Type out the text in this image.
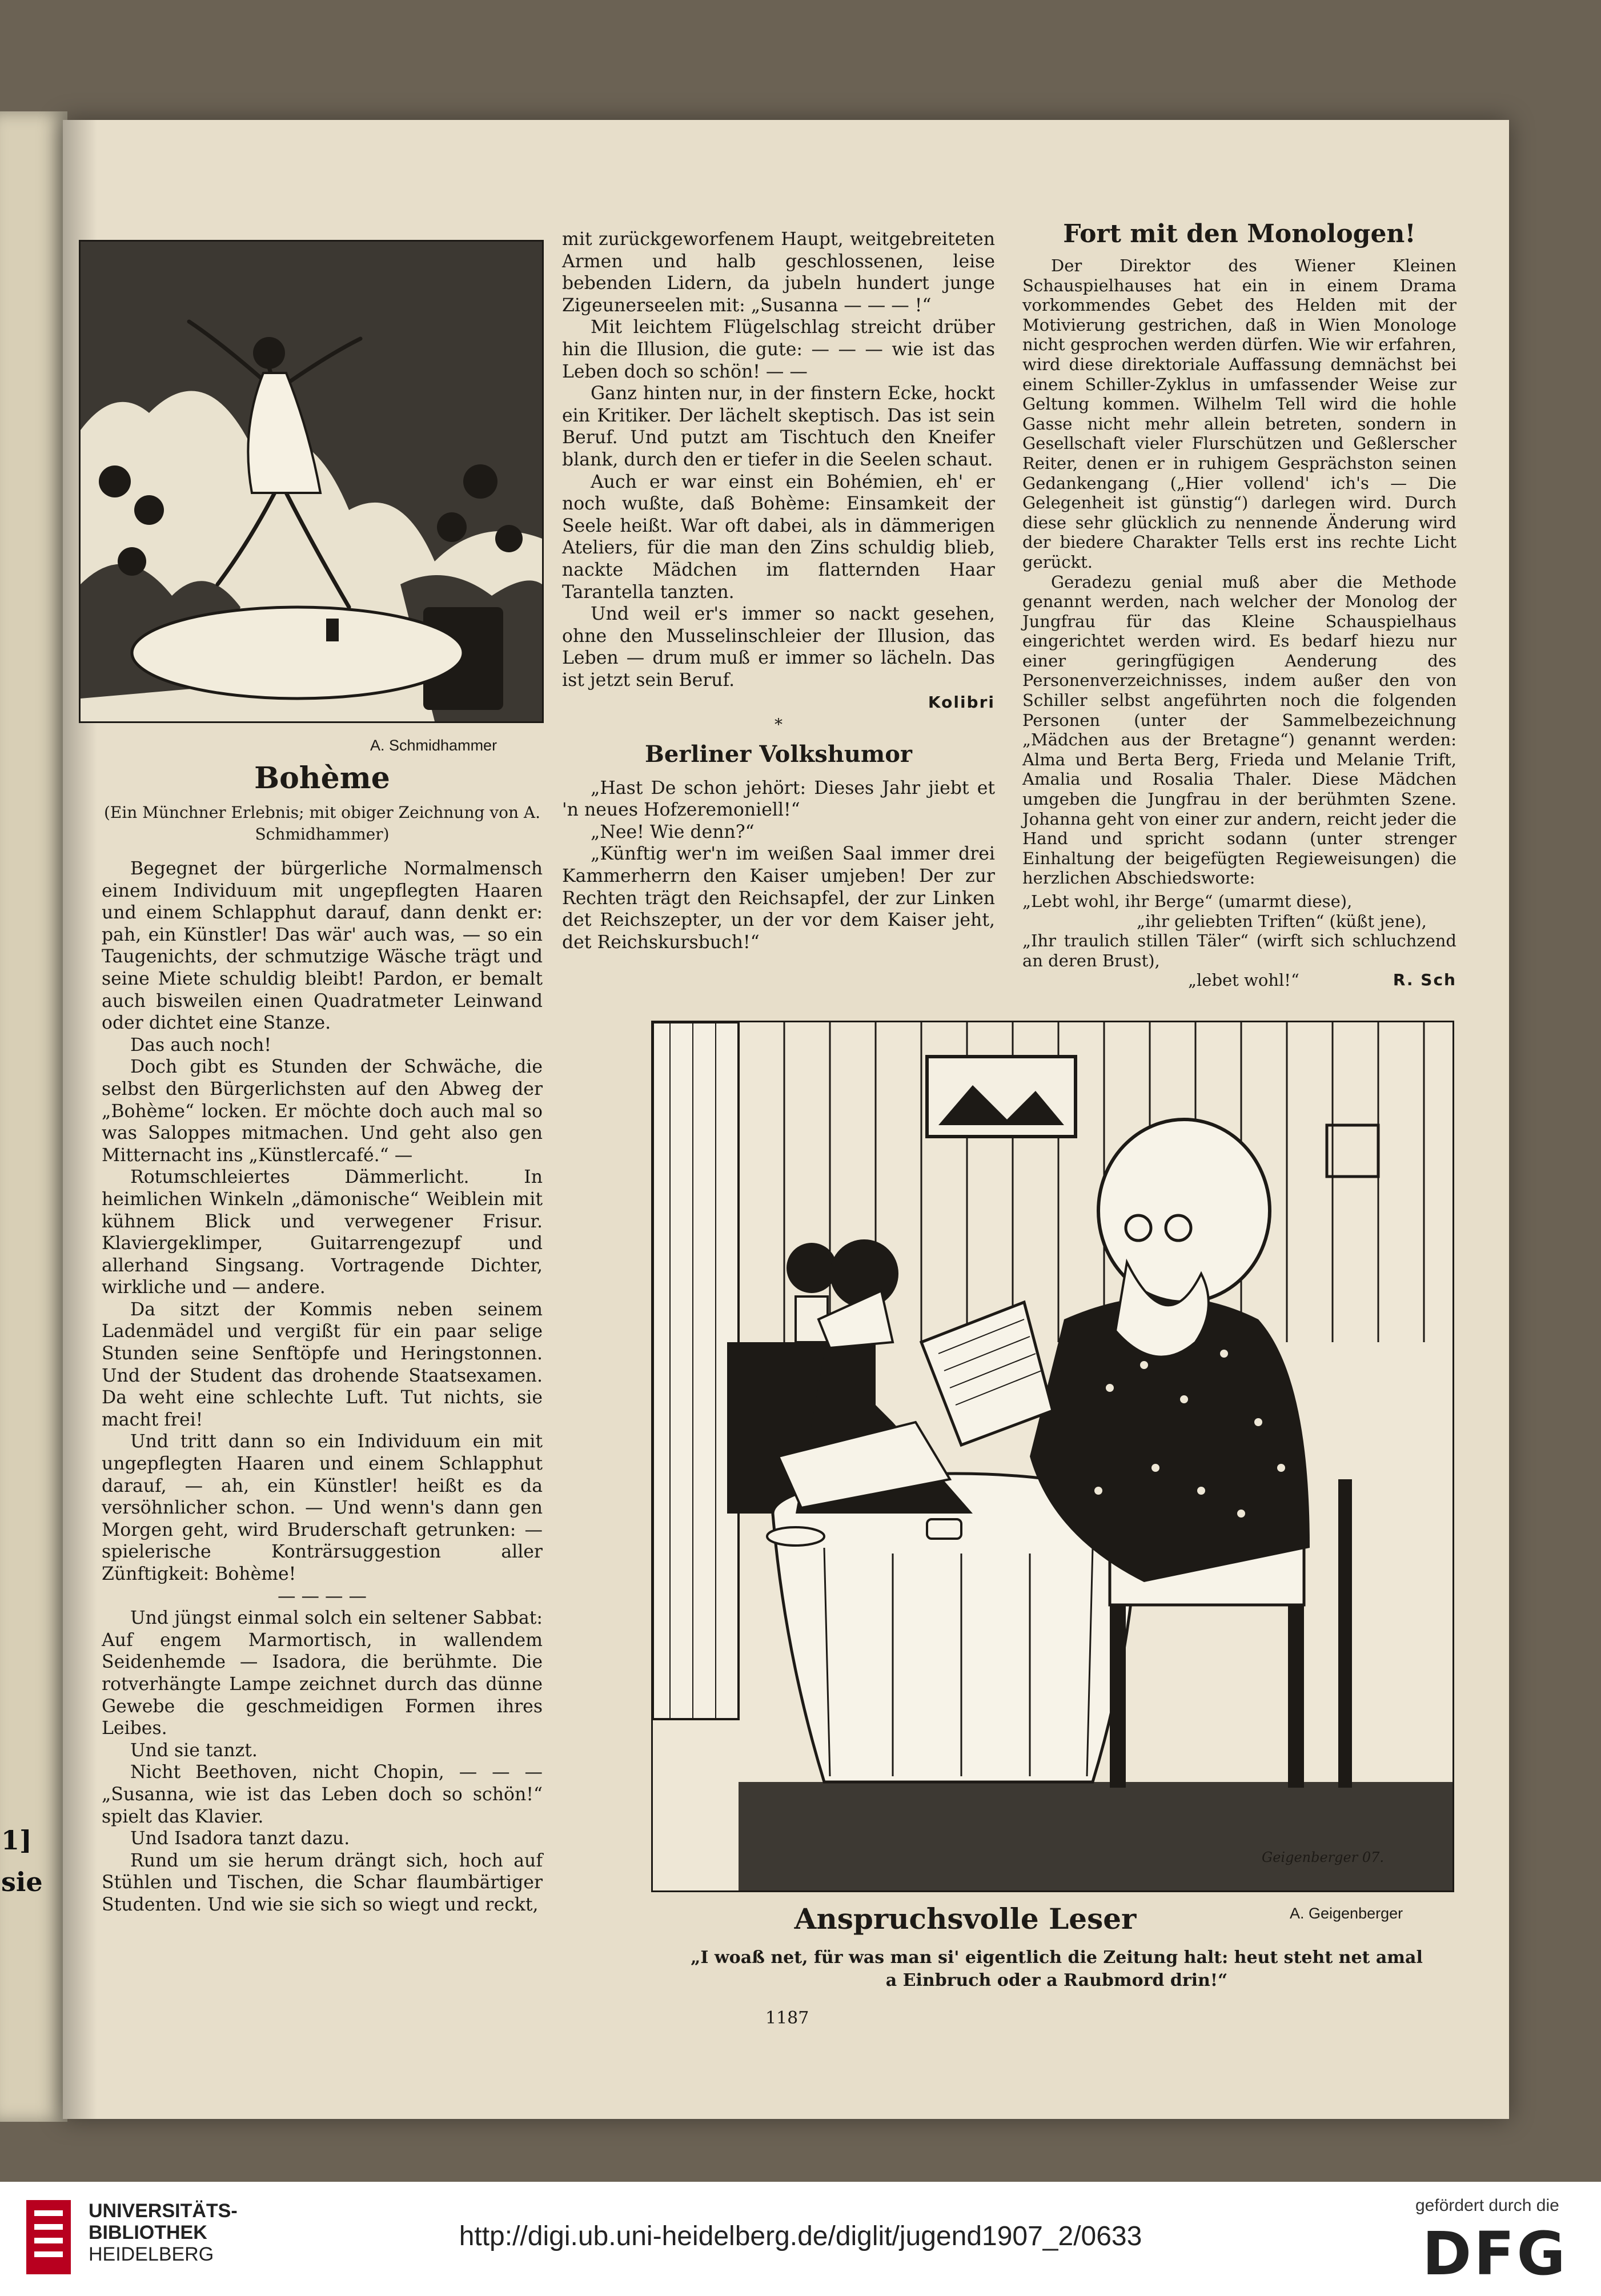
1]
sie
A. Schmidhammer
Bohème
(Ein Münchner Erlebnis; mit obiger Zeichnung von A. Schmidhammer)

Begegnet der bürgerliche Normalmensch einem Individuum mit ungepflegten Haaren und einem Schlapphut darauf, dann denkt er: pah, ein Künstler! Das wär' auch was, — so ein Taugenichts, der schmutzige Wäsche trägt und seine Miete schuldig bleibt! Pardon, er bemalt auch bisweilen einen Quadratmeter Leinwand oder dichtet eine Stanze.

Das auch noch!

Doch gibt es Stunden der Schwäche, die selbst den Bürgerlichsten auf den Abweg der „Bohème“ locken. Er möchte doch auch mal so was Saloppes mitmachen. Und geht also gen Mitternacht ins „Künstlercafé.“ —

Rotumschleiertes Dämmerlicht. In heimlichen Winkeln „dämonische“ Weiblein mit kühnem Blick und verwegener Frisur. Klaviergeklimper, Guitarrengezupf und allerhand Singsang. Vortragende Dichter, wirkliche und — andere.

Da sitzt der Kommis neben seinem Ladenmädel und vergißt für ein paar selige Stunden seine Senftöpfe und Heringstonnen. Und der Student das drohende Staatsexamen. Da weht eine schlechte Luft. Tut nichts, sie macht frei!

Und tritt dann so ein Individuum ein mit ungepflegten Haaren und einem Schlapphut darauf, — ah, ein Künstler! heißt es da versöhnlicher schon. — Und wenn's dann gen Morgen geht, wird Bruderschaft getrunken: — spielerische Konträrsuggestion aller Zünftigkeit: Bohème!

— — — —

Und jüngst einmal solch ein seltener Sabbat: Auf engem Marmortisch, in wallendem Seidenhemde — Isadora, die berühmte. Die rotverhängte Lampe zeichnet durch das dünne Gewebe die geschmeidigen Formen ihres Leibes.

Und sie tanzt.

Nicht Beethoven, nicht Chopin, — — — „Susanna, wie ist das Leben doch so schön!“ spielt das Klavier.

Und Isadora tanzt dazu.

Rund um sie herum drängt sich, hoch auf Stühlen und Tischen, die Schar flaumbärtiger Studenten. Und wie sie sich so wiegt und reckt,

mit zurückgeworfenem Haupt, weitgebreiteten Armen und halb geschlossenen, leise bebenden Lidern, da jubeln hundert junge Zigeunerseelen mit: „Susanna — — — !“

Mit leichtem Flügelschlag streicht drüber hin die Illusion, die gute: — — — wie ist das Leben doch so schön! — —

Ganz hinten nur, in der finstern Ecke, hockt ein Kritiker. Der lächelt skeptisch. Das ist sein Beruf. Und putzt am Tischtuch den Kneifer blank, durch den er tiefer in die Seelen schaut.

Auch er war einst ein Bohémien, eh' er noch wußte, daß Bohème: Einsamkeit der Seele heißt. War oft dabei, als in dämmerigen Ateliers, für die man den Zins schuldig blieb, nackte Mädchen im flatternden Haar Tarantella tanzten.

Und weil er's immer so nackt gesehen, ohne den Musselinschleier der Illusion, das Leben — drum muß er immer so lächeln. Das ist jetzt sein Beruf.

Kolibri
*
Berliner Volkshumor

„Hast De schon jehört: Dieses Jahr jiebt et 'n neues Hofzeremoniell!“

„Nee! Wie denn?“

„Künftig wer'n im weißen Saal immer drei Kammerherrn den Kaiser umjeben! Der zur Rechten trägt den Reichsapfel, der zur Linken det Reichszepter, un der vor dem Kaiser jeht, det Reichskursbuch!“

Fort mit den Monologen!

Der Direktor des Wiener Kleinen Schauspielhauses hat ein in einem Drama vorkommendes Gebet des Helden mit der Motivierung gestrichen, daß in Wien Monologe nicht gesprochen werden dürfen. Wie wir erfahren, wird diese direktoriale Auffassung demnächst bei einem Schiller-Zyklus in umfassender Weise zur Geltung kommen. Wilhelm Tell wird die hohle Gasse nicht mehr allein betreten, sondern in Gesellschaft vieler Flurschützen und Geßlerscher Reiter, denen er in ruhigem Gesprächston seinen Gedankengang („Hier vollend' ich's — Die Gelegenheit ist günstig“) darlegen wird. Durch diese sehr glücklich zu nennende Änderung wird der biedere Charakter Tells erst ins rechte Licht gerückt.

Geradezu genial muß aber die Methode genannt werden, nach welcher der Monolog der Jungfrau für das Kleine Schauspielhaus eingerichtet werden wird. Es bedarf hiezu nur einer geringfügigen Aenderung des Personenverzeichnisses, indem außer den von Schiller selbst angeführten noch die folgenden Personen (unter der Sammelbezeichnung „Mädchen aus der Bretagne“) genannt werden: Alma und Berta Berg, Frieda und Melanie Trift, Amalia und Rosalia Thaler. Diese Mädchen umgeben die Jungfrau in der berühmten Szene. Johanna geht von einer zur andern, reicht jeder die Hand und spricht sodann (unter strenger Einhaltung der beigefügten Regieweisungen) die herzlichen Abschiedsworte:

„Lebt wohl, ihr Berge“ (umarmt diese),
„ihr geliebten Triften“ (küßt jene),
„Ihr traulich stillen Täler“ (wirft sich schluchzend an deren Brust),
„lebet wohl!“	R. Sch
Geigenberger 07.
Anspruchsvolle Leser	A. Geigenberger
„I woaß net, für was man si' eigentlich die Zeitung halt: heut steht net amal a Einbruch oder a Raubmord drin!“
1187
UNIVERSITÄTS-
BIBLIOTHEK
HEIDELBERG
http://digi.ub.uni-heidelberg.de/diglit/jugend1907_2/0633
gefördert durch die
DFG
